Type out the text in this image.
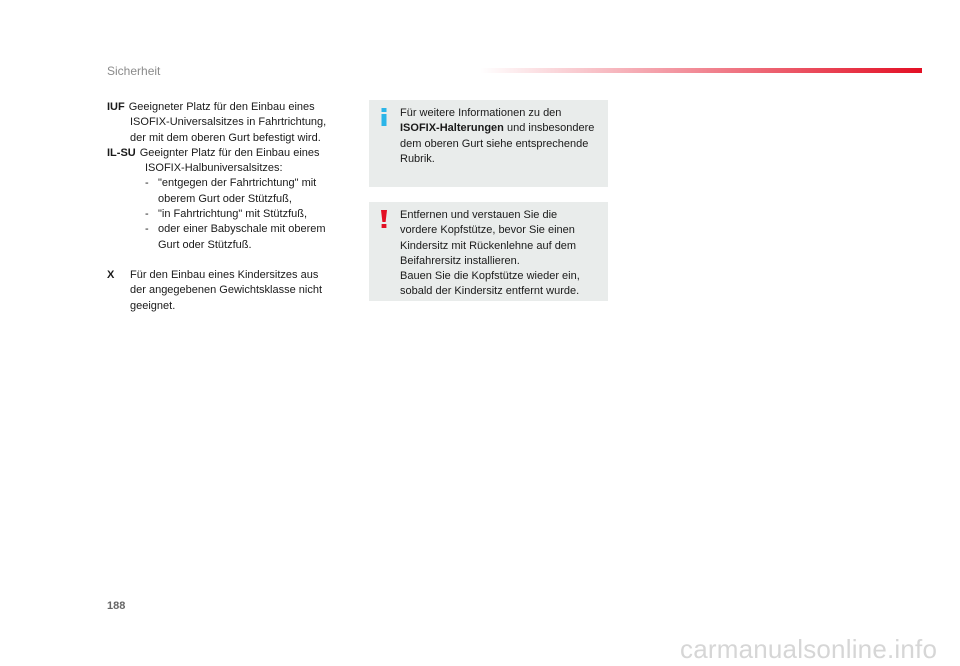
Sicherheit
IUF Geeigneter Platz für den Einbau eines
ISOFIX-Universalsitzes in Fahrtrichtung,
der mit dem oberen Gurt befestigt wird.
IL-SU Geeignter Platz für den Einbau eines
ISOFIX-Halbuniversalsitzes:
- "entgegen der Fahrtrichtung" mit
oberem Gurt oder Stützfuß,
- "in Fahrtrichtung" mit Stützfuß,
- oder einer Babyschale mit oberem
Gurt oder Stützfuß.
X	Für den Einbau eines Kindersitzes aus
der angegebenen Gewichtsklasse nicht
geeignet.
Für weitere Informationen zu den
ISOFIX-Halterungen und insbesondere
dem oberen Gurt siehe entsprechende
Rubrik.
Entfernen und verstauen Sie die
vordere Kopfstütze, bevor Sie einen
Kindersitz mit Rückenlehne auf dem
Beifahrersitz installieren.
Bauen Sie die Kopfstütze wieder ein,
sobald der Kindersitz entfernt wurde.
188
carmanualsonline.info
